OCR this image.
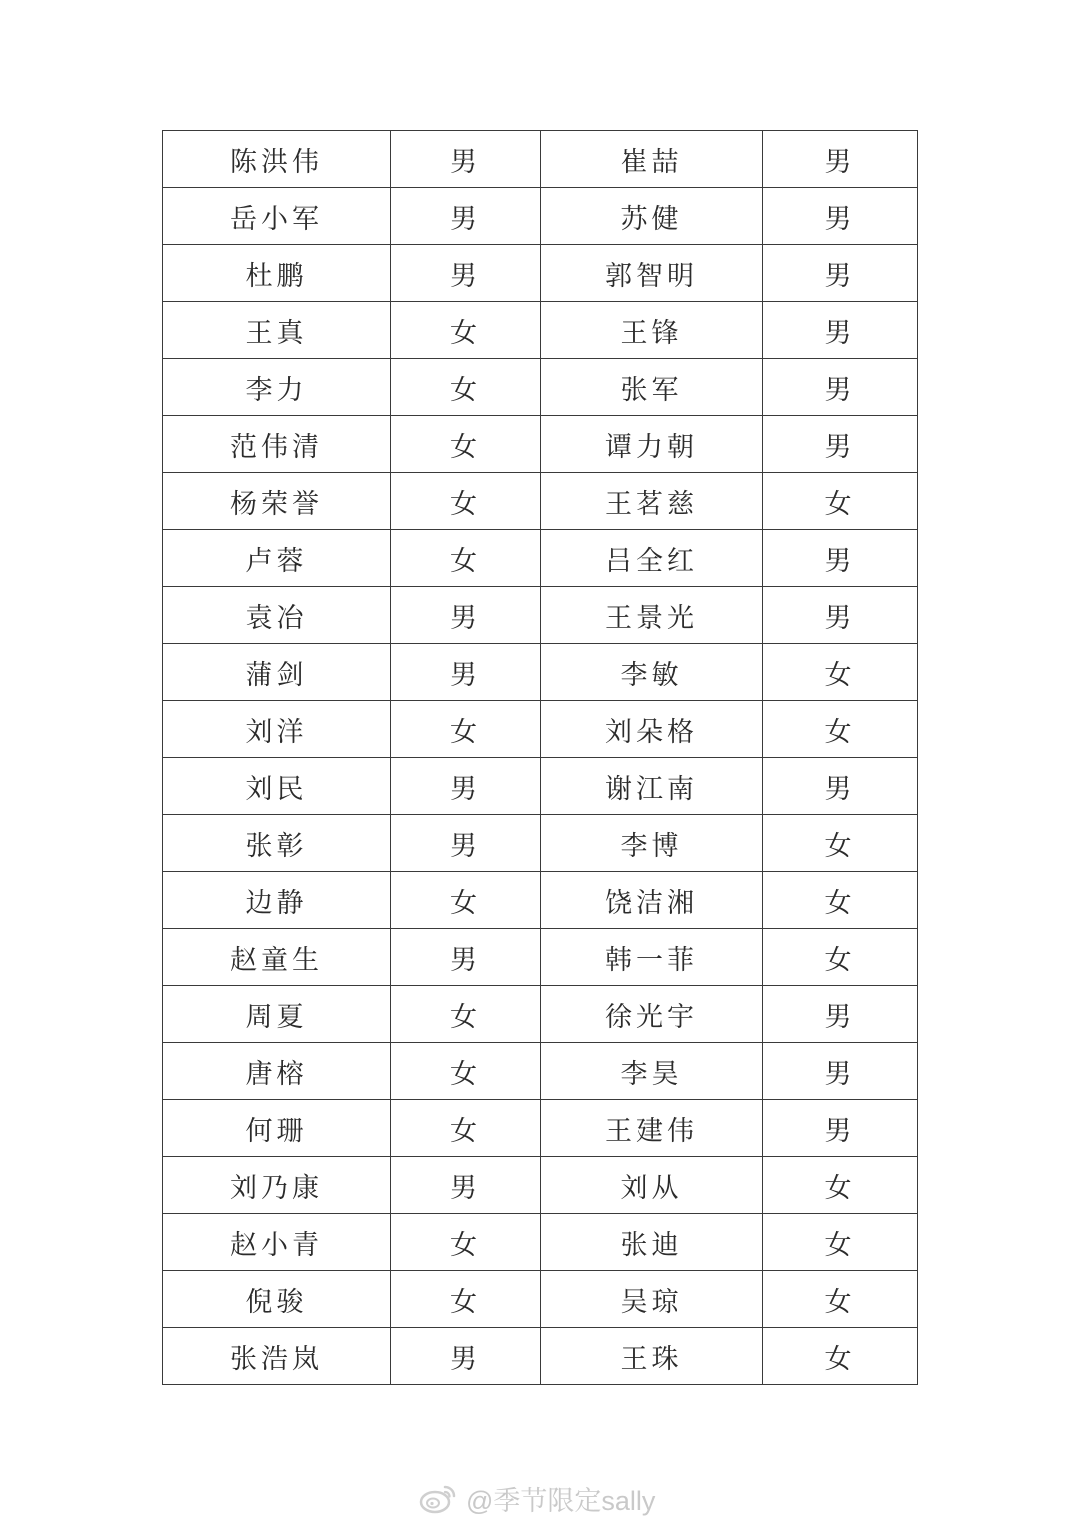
陈洪伟	男	崔喆	男
岳小军	男	苏健	男
杜鹏	男	郭智明	男
王真	女	王锋	男
李力	女	张军	男
范伟清	女	谭力朝	男
杨荣誉	女	王茗慈	女
卢蓉	女	吕全红	男
袁冶	男	王景光	男
蒲剑	男	李敏	女
刘洋	女	刘朵格	女
刘民	男	谢江南	男
张彰	男	李博	女
边静	女	饶洁湘	女
赵童生	男	韩一菲	女
周夏	女	徐光宇	男
唐榕	女	李昊	男
何珊	女	王建伟	男
刘乃康	男	刘从	女
赵小青	女	张迪	女
倪骏	女	吴琼	女
张浩岚	男	王珠	女
@季节限定sally
